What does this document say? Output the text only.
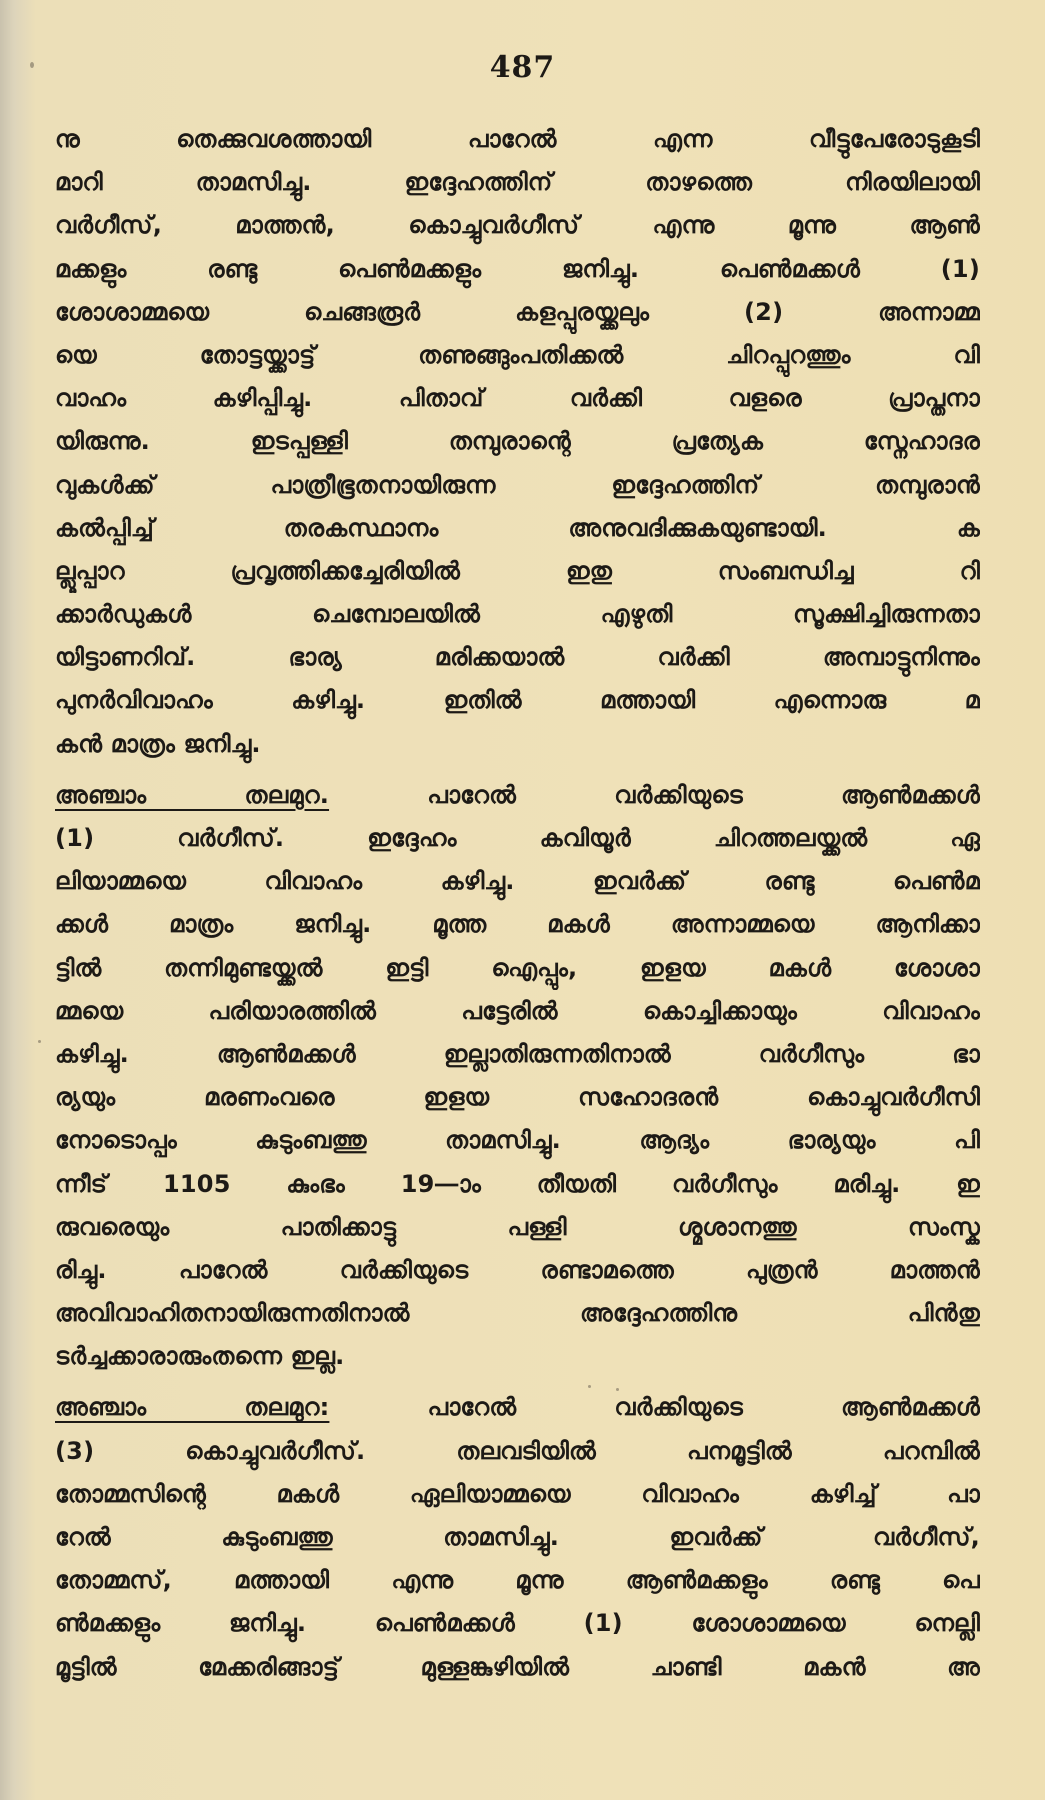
487
നു തെക്കുവശത്തായി പാറേൽ എന്ന വീട്ടുപേരോടുകൂടി
മാറി താമസിച്ചു. ഇദ്ദേഹത്തിന് താഴത്തെ നിരയിലായി
വർഗീസ്, മാത്തൻ, കൊച്ചുവർഗീസ് എന്നു മൂന്നു ആൺ
മക്കളും രണ്ടു പെൺമക്കളും ജനിച്ചു. പെൺമക്കൾ (1)
ശോശാമ്മയെ ചെങ്ങരൂർ കളപ്പുരയ്ക്കലും (2) അന്നാമ്മ
യെ തോട്ടയ്ക്കാട്ട് തണുങ്ങുംപതിക്കൽ ചിറപ്പുറത്തും വി
വാഹം കഴിപ്പിച്ചു. പിതാവ് വർക്കി വളരെ പ്രാപ്തനാ
യിരുന്നു. ഇടപ്പള്ളി തമ്പുരാന്റെ പ്രത്യേക സ്നേഹാദര
വുകൾക്ക് പാത്രീഭൂതനായിരുന്ന ഇദ്ദേഹത്തിന് തമ്പുരാൻ
കൽപ്പിച്ച് തരകസ്ഥാനം അനുവദിക്കുകയുണ്ടായി. ക
ല്ലൂപ്പാറ പ്രവൃത്തിക്കച്ചേരിയിൽ ഇതു സംബന്ധിച്ച റി
ക്കാർഡുകൾ ചെമ്പോലയിൽ എഴുതി സൂക്ഷിച്ചിരുന്നതാ
യിട്ടാണറിവ്. ഭാര്യ മരിക്കയാൽ വർക്കി അമ്പാട്ടുനിന്നും
പുനർവിവാഹം കഴിച്ചു. ഇതിൽ മത്തായി എന്നൊരു മ
കൻ മാത്രം ജനിച്ചു.
അഞ്ചാം തലമുറ.	പാറേൽ വർക്കിയുടെ ആൺമക്കൾ
(1) വർഗീസ്. ഇദ്ദേഹം കവിയൂർ ചിറത്തലയ്ക്കൽ ഏ
ലിയാമ്മയെ വിവാഹം കഴിച്ചു. ഇവർക്ക് രണ്ടു പെൺമ
ക്കൾ മാത്രം ജനിച്ചു. മൂത്ത മകൾ അന്നാമ്മയെ ആനിക്കാ
ട്ടിൽ തന്നിമുണ്ടയ്ക്കൽ ഇട്ടി ഐപ്പും, ഇളയ മകൾ ശോശാ
മ്മയെ പരിയാരത്തിൽ പട്ടേരിൽ കൊച്ചിക്കായും വിവാഹം
കഴിച്ചു. ആൺമക്കൾ ഇല്ലാതിരുന്നതിനാൽ വർഗീസും ഭാ
ര്യയും മരണംവരെ ഇളയ സഹോദരൻ കൊച്ചുവർഗീസി
നോടൊപ്പം കുടുംബത്തു താമസിച്ചു. ആദ്യം ഭാര്യയും പി
ന്നീട് 1105 കുംഭം 19—ാം തീയതി വർഗീസും മരിച്ചു. ഇ
രുവരെയും പാതിക്കാട്ടു പള്ളി ശ്മശാനത്തു സംസ്ക
രിച്ചു. പാറേൽ വർക്കിയുടെ രണ്ടാമത്തെ പുത്രൻ മാത്തൻ
അവിവാഹിതനായിരുന്നതിനാൽ അദ്ദേഹത്തിനു പിൻതു
ടർച്ചക്കാരാരുംതന്നെ ഇല്ല.
അഞ്ചാം തലമുറ:	പാറേൽ വർക്കിയുടെ ആൺമക്കൾ
(3) കൊച്ചുവർഗീസ്. തലവടിയിൽ പനമൂട്ടിൽ പറമ്പിൽ
തോമ്മസിന്റെ മകൾ ഏലിയാമ്മയെ വിവാഹം കഴിച്ച് പാ
റേൽ കുടുംബത്തു താമസിച്ചു. ഇവർക്ക് വർഗീസ്,
തോമ്മസ്, മത്തായി എന്നു മൂന്നു ആൺമക്കളും രണ്ടു പെ
ൺമക്കളും ജനിച്ചു. പെൺമക്കൾ (1) ശോശാമ്മയെ നെല്ലി
മൂട്ടിൽ മേക്കരിങ്ങാട്ട് മുള്ളങ്കുഴിയിൽ ചാണ്ടി മകൻ അ
